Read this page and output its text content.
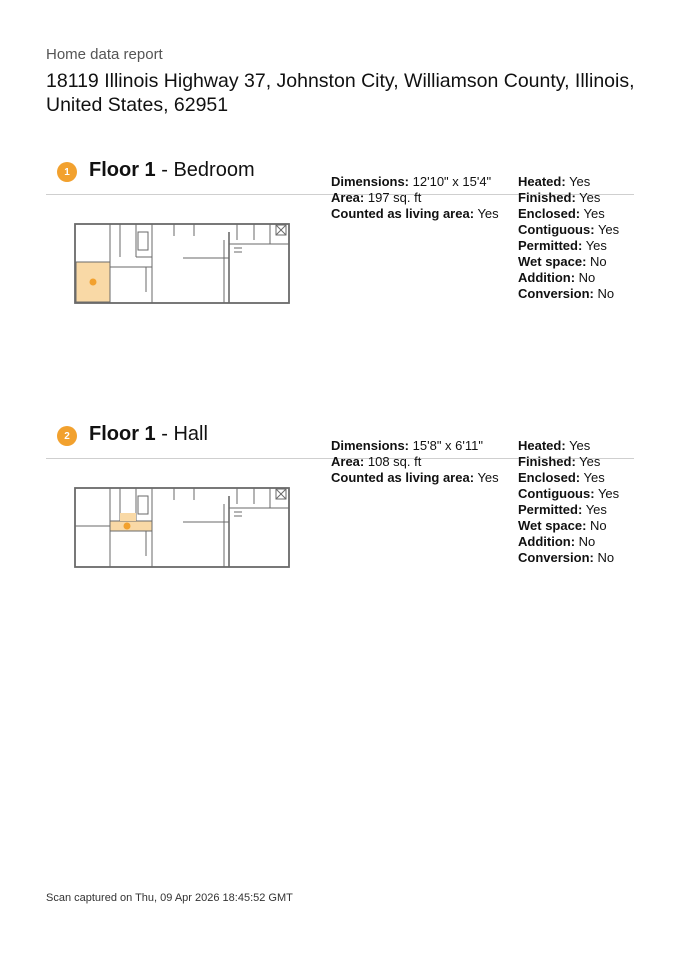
Home data report
18119 Illinois Highway 37, Johnston City, Williamson County, Illinois, United States, 62951
1 Floor 1 - Bedroom
Dimensions: 12'10" x 15'4"
Area: 197 sq. ft
Counted as living area: Yes
Heated: Yes
Finished: Yes
Enclosed: Yes
Contiguous: Yes
Permitted: Yes
Wet space: No
Addition: No
Conversion: No
2 Floor 1 - Hall
Dimensions: 15'8" x 6'11"
Area: 108 sq. ft
Counted as living area: Yes
Heated: Yes
Finished: Yes
Enclosed: Yes
Contiguous: Yes
Permitted: Yes
Wet space: No
Addition: No
Conversion: No
Scan captured on Thu, 09 Apr 2026 18:45:52 GMT
